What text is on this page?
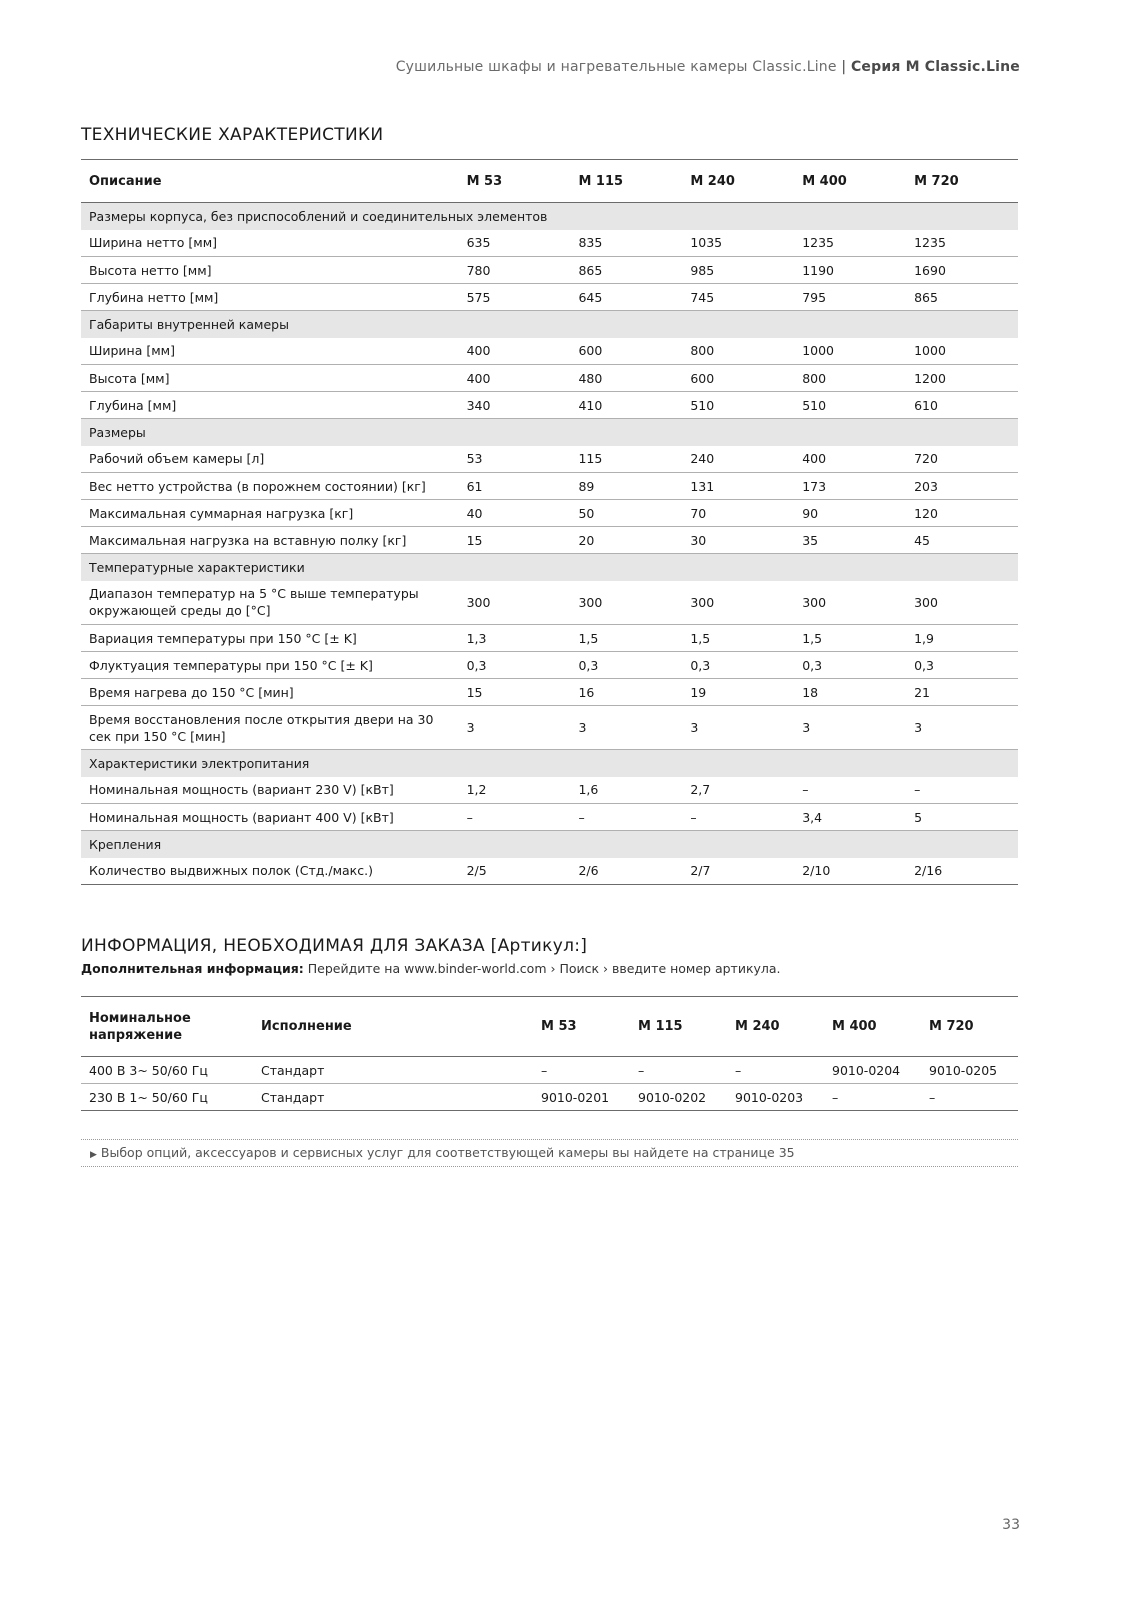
Сушильные шкафы и нагревательные камеры Classic.Line | Серия M Classic.Line
ТЕХНИЧЕСКИЕ ХАРАКТЕРИСТИКИ
Описание	M 53	M 115	M 240	M 400	M 720
Размеры корпуса, без приспособлений и соединительных элементов					
Ширина нетто [мм]	635	835	1035	1235	1235
Высота нетто [мм]	780	865	985	1190	1690
Глубина нетто [мм]	575	645	745	795	865
Габариты внутренней камеры					
Ширина [мм]	400	600	800	1000	1000
Высота [мм]	400	480	600	800	1200
Глубина [мм]	340	410	510	510	610
Размеры					
Рабочий объем камеры [л]	53	115	240	400	720
Вес нетто устройства (в порожнем состоянии) [кг]	61	89	131	173	203
Максимальная суммарная нагрузка [кг]	40	50	70	90	120
Максимальная нагрузка на вставную полку [кг]	15	20	30	35	45
Температурные характеристики					
Диапазон температур на 5 °C выше температуры окружающей среды до [°C]	300	300	300	300	300
Вариация температуры при 150 °C [± K]	1,3	1,5	1,5	1,5	1,9
Флуктуация температуры при 150 °C [± K]	0,3	0,3	0,3	0,3	0,3
Время нагрева до 150 °C [мин]	15	16	19	18	21
Время восстановления после открытия двери на 30 сек при 150 °C [мин]	3	3	3	3	3
Характеристики электропитания					
Номинальная мощность (вариант 230 V) [кВт]	1,2	1,6	2,7	–	–
Номинальная мощность (вариант 400 V) [кВт]	–	–	–	3,4	5
Крепления					
Количество выдвижных полок (Стд./макс.)	2/5	2/6	2/7	2/10	2/16
ИНФОРМАЦИЯ, НЕОБХОДИМАЯ ДЛЯ ЗАКАЗА [Артикул:]
Дополнительная информация: Перейдите на www.binder-world.com › Поиск › введите номер артикула.
Номинальное напряжение	Исполнение	M 53	M 115	M 240	M 400	M 720
400 В 3~ 50/60 Гц	Стандарт	–	–	–	9010-0204	9010-0205
230 В 1~ 50/60 Гц	Стандарт	9010-0201	9010-0202	9010-0203	–	–
▶ Выбор опций, аксессуаров и сервисных услуг для соответствующей камеры вы найдете на странице 35
33
